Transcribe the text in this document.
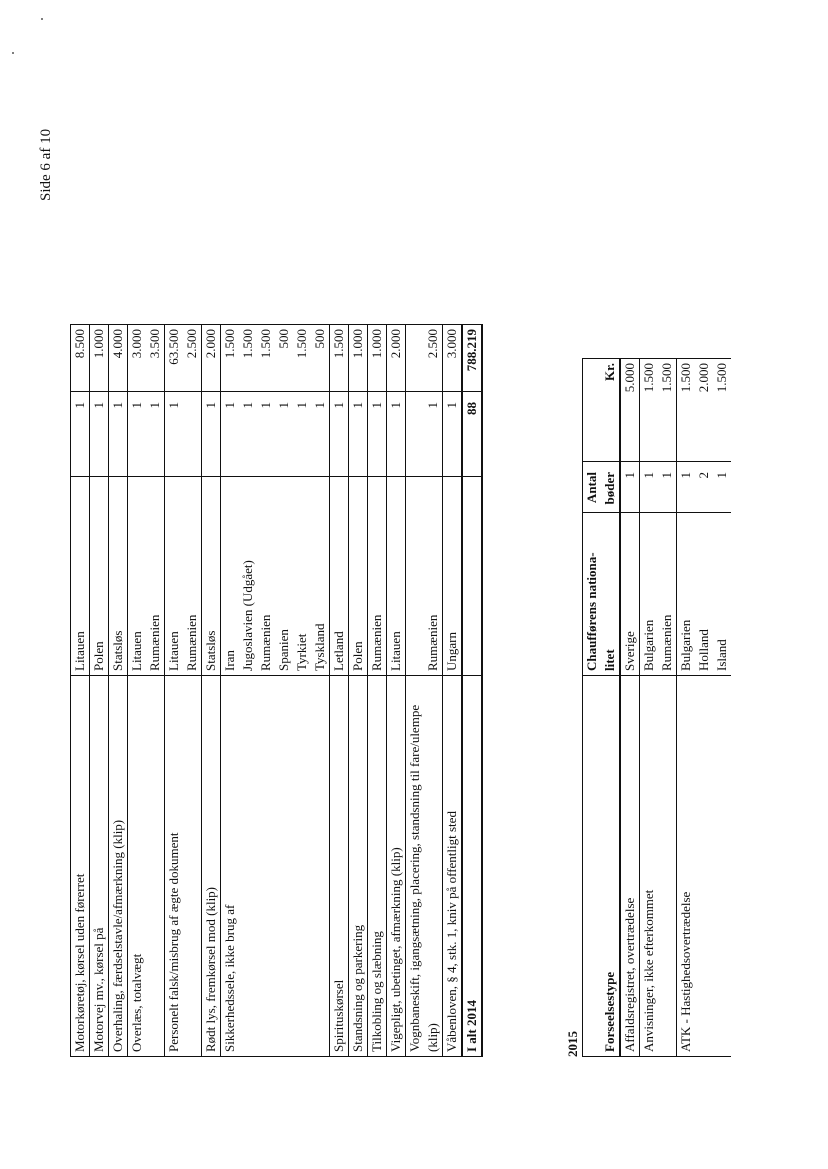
Side 6 af 10
Motorkøretøj, kørsel uden førerret	Litauen	1	8.500
Motorvej mv., kørsel på	Polen	1	1.000
Overhaling, færdselstavle/afmærkning (klip)	Statsløs	1	4.000
Overlæs, totalvægt	Litauen	1	3.000
	Rumænien	1	3.500
Personelt falsk/misbrug af ægte dokument	Litauen	1	63.500
	Rumænien		2.500
Rødt lys, fremkørsel mod (klip)	Statsløs	1	2.000
Sikkerhedssele, ikke brug af	Iran	1	1.500
	Jugoslavien (Udgået)	1	1.500
	Rumænien	1	1.500
	Spanien	1	500
	Tyrkiet	1	1.500
	Tyskland	1	500
Spirituskørsel	Letland	1	1.500
Standsning og parkering	Polen	1	1.000
Tilkobling og slæbning	Rumænien	1	1.000
Vigepligt, ubetinget, afmærkning (klip)	Litauen	1	2.000
Vognbaneskift, igangsætning, placering, standsning til fare/ulempe (klip)	Rumænien	1	2.500
Våbenloven, § 4, stk. 1, kniv på offentligt sted	Ungarn	1	3.000
I alt 2014		88	788.219
2015 Forseelsestype	Chaufførens nationa- litet	Antal bøder	Kr.
Affaldsregistret, overtrædelse	Sverige	1	5.000
Anvisninger, ikke efterkommet	Bulgarien	1	1.500
	Rumænien	1	1.500
ATK - Hastighedsovertrædelse	Bulgarien	1	1.500
	Holland	2	2.000
	Island	1	1.500
